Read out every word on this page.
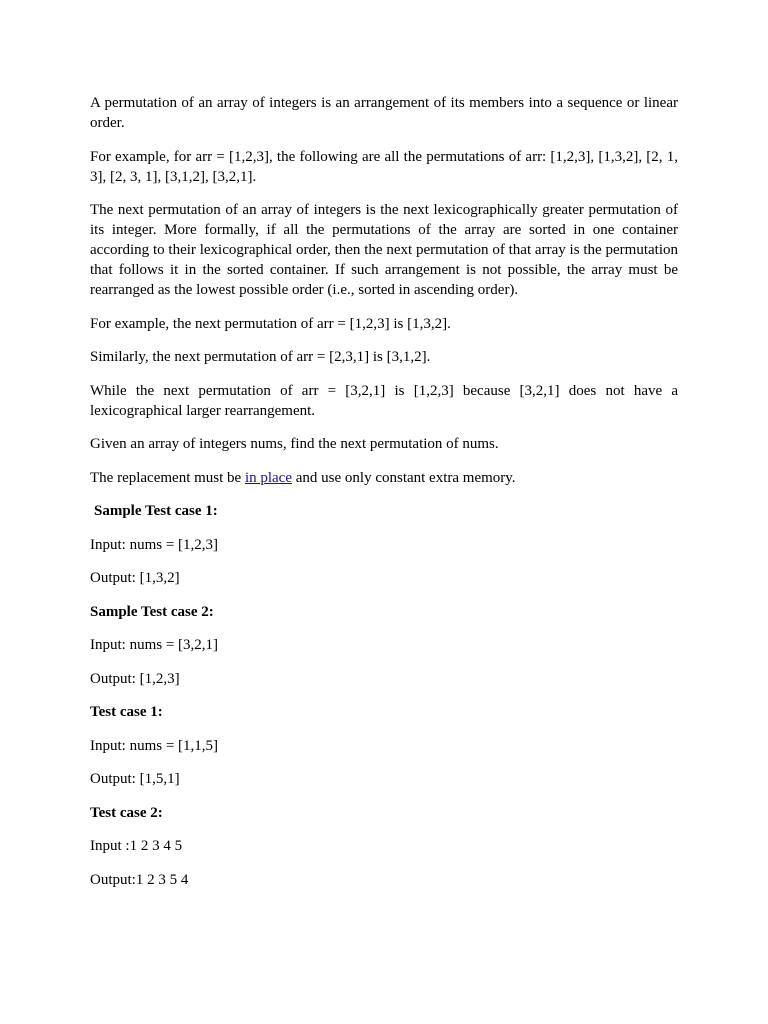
A permutation of an array of integers is an arrangement of its members into a sequence or linear order.

For example, for arr = [1,2,3], the following are all the permutations of arr: [1,2,3], [1,3,2], [2, 1, 3], [2, 3, 1], [3,1,2], [3,2,1].

The next permutation of an array of integers is the next lexicographically greater permutation of its integer. More formally, if all the permutations of the array are sorted in one container according to their lexicographical order, then the next permutation of that array is the permutation that follows it in the sorted container. If such arrangement is not possible, the array must be rearranged as the lowest possible order (i.e., sorted in ascending order).

For example, the next permutation of arr = [1,2,3] is [1,3,2].

Similarly, the next permutation of arr = [2,3,1] is [3,1,2].

While the next permutation of arr = [3,2,1] is [1,2,3] because [3,2,1] does not have a lexicographical larger rearrangement.

Given an array of integers nums, find the next permutation of nums.

The replacement must be in place and use only constant extra memory.

Sample Test case 1:

Input: nums = [1,2,3]

Output: [1,3,2]

Sample Test case 2:

Input: nums = [3,2,1]

Output: [1,2,3]

Test case 1:

Input: nums = [1,1,5]

Output: [1,5,1]

Test case 2:

Input :1 2 3 4 5

Output:1 2 3 5 4
